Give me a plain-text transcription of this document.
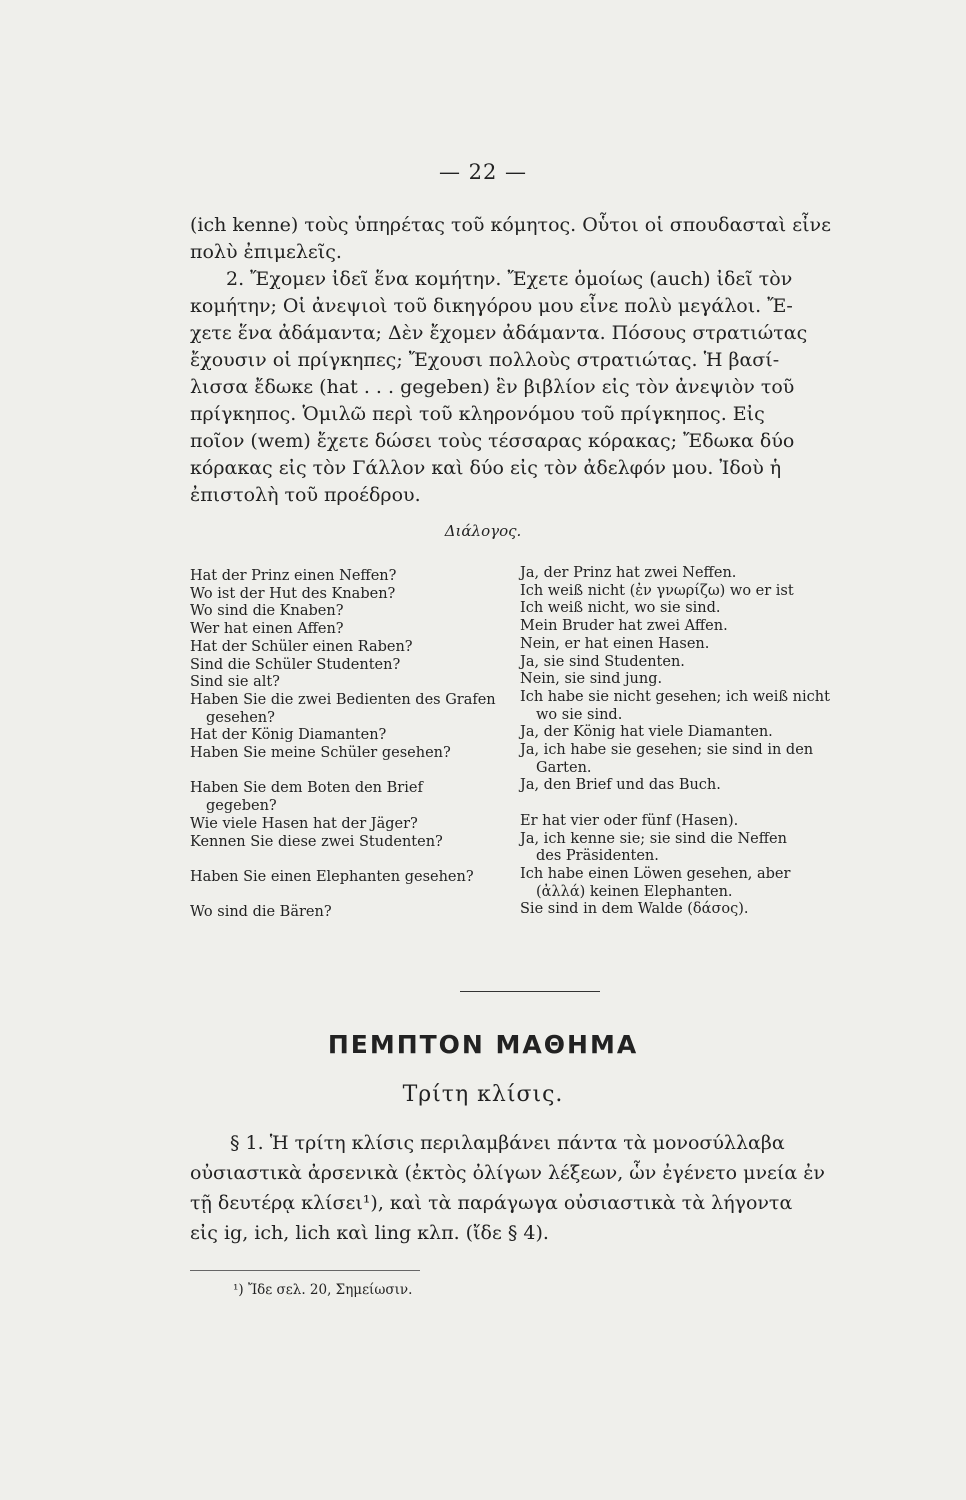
— 22 —
(ich kenne) τοὺς ὑπηρέτας τοῦ κόμητος. Οὗτοι οἱ σπουδασταὶ εἶνε
πολὺ ἐπιμελεῖς.
2. Ἔχομεν ἰδεῖ ἕνα κομήτην. Ἔχετε ὁμοίως (auch) ἰδεῖ τὸν
κομήτην; Οἱ ἀνεψιοὶ τοῦ δικηγόρου μου εἶνε πολὺ μεγάλοι. Ἔ-
χετε ἕνα ἀδάμαντα; Δὲν ἔχομεν ἀδάμαντα. Πόσους στρατιώτας
ἔχουσιν οἱ πρίγκηπες; Ἔχουσι πολλοὺς στρατιώτας. Ἡ βασί-
λισσα ἔδωκε (hat . . . gegeben) ἓν βιβλίον εἰς τὸν ἀνεψιὸν τοῦ
πρίγκηπος. Ὁμιλῶ περὶ τοῦ κληρονόμου τοῦ πρίγκηπος. Εἰς
ποῖον (wem) ἔχετε δώσει τοὺς τέσσαρας κόρακας; Ἔδωκα δύο
κόρακας εἰς τὸν Γάλλον καὶ δύο εἰς τὸν ἀδελφόν μου. Ἰδοὺ ἡ
ἐπιστολὴ τοῦ προέδρου.
Διάλογος.
Hat der Prinz einen Neffen?
Wo ist der Hut des Knaben?
Wo sind die Knaben?
Wer hat einen Affen?
Hat der Schüler einen Raben?
Sind die Schüler Studenten?
Sind sie alt?
Haben Sie die zwei Bedienten des Grafen
gesehen?
Hat der König Diamanten?
Haben Sie meine Schüler gesehen?

Haben Sie dem Boten den Brief
gegeben?
Wie viele Hasen hat der Jäger?
Kennen Sie diese zwei Studenten?

Haben Sie einen Elephanten gesehen?

Wo sind die Bären?
Ja, der Prinz hat zwei Neffen.
Ich weiß nicht (ἐν γνωρίζω) wo er ist
Ich weiß nicht, wo sie sind.
Mein Bruder hat zwei Affen.
Nein, er hat einen Hasen.
Ja, sie sind Studenten.
Nein, sie sind jung.
Ich habe sie nicht gesehen; ich weiß nicht
wo sie sind.
Ja, der König hat viele Diamanten.
Ja, ich habe sie gesehen; sie sind in den
Garten.
Ja, den Brief und das Buch.

Er hat vier oder fünf (Hasen).
Ja, ich kenne sie; sie sind die Neffen
des Präsidenten.
Ich habe einen Löwen gesehen, aber
(ἀλλά) keinen Elephanten.
Sie sind in dem Walde (δάσος).
ΠΕΜΠΤΟΝ ΜΑΘΗΜΑ
Τρίτη κλίσις.
§ 1. Ἡ τρίτη κλίσις περιλαμβάνει πάντα τὰ μονοσύλλαβα
οὐσιαστικὰ ἀρσενικὰ (ἐκτὸς ὀλίγων λέξεων, ὧν ἐγένετο μνεία ἐν
τῇ δευτέρᾳ κλίσει¹), καὶ τὰ παράγωγα οὐσιαστικὰ τὰ λήγοντα
εἰς ig, ich, lich καὶ ling κλπ. (ἴδε § 4).
¹) Ἴδε σελ. 20, Σημείωσιν.
